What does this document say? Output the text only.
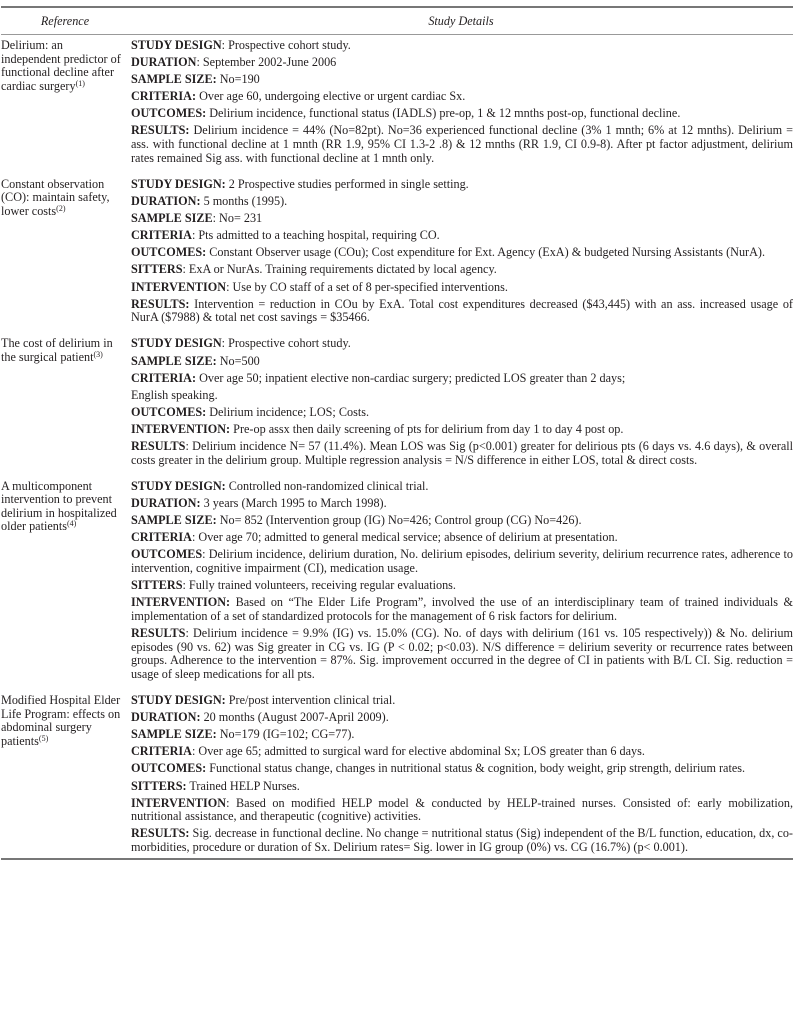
Reference	Study Details
Delirium: an independent predictor of functional decline after cardiac surgery$^{(1)}$
STUDY DESIGN: Prospective cohort study.
DURATION: September 2002-June 2006
SAMPLE SIZE: No=190
CRITERIA: Over age 60, undergoing elective or urgent cardiac Sx.
OUTCOMES: Delirium incidence, functional status (IADLS) pre-op, 1 & 12 mnths post-op, functional decline.
RESULTS: Delirium incidence = 44% (No=82pt). No=36 experienced functional decline (3% 1 mnth; 6% at 12 mnths). Delirium = ass. with functional decline at 1 mnth (RR 1.9, 95% CI 1.3-2 .8) & 12 mnths (RR 1.9, CI 0.9-8). After pt factor adjustment, delirium rates remained Sig ass. with functional decline at 1 mnth only.
Constant observation (CO): maintain safety, lower costs$^{(2)}$
STUDY DESIGN: 2 Prospective studies performed in single setting.
DURATION: 5 months (1995).
SAMPLE SIZE: No= 231
CRITERIA: Pts admitted to a teaching hospital, requiring CO.
OUTCOMES: Constant Observer usage (COu); Cost expenditure for Ext. Agency (ExA) & budgeted Nursing Assistants (NurA).
SITTERS: ExA or NurAs. Training requirements dictated by local agency.
INTERVENTION: Use by CO staff of a set of 8 per-specified interventions.
RESULTS: Intervention = reduction in COu by ExA. Total cost expenditures decreased ($43,445) with an ass. increased usage of NurA ($7988) & total net cost savings = $35466.
The cost of delirium in the surgical patient$^{(3)}$
STUDY DESIGN: Prospective cohort study.
SAMPLE SIZE: No=500
CRITERIA: Over age 50; inpatient elective non-cardiac surgery; predicted LOS greater than 2 days;
English speaking.
OUTCOMES: Delirium incidence; LOS; Costs.
INTERVENTION: Pre-op assx then daily screening of pts for delirium from day 1 to day 4 post op.
RESULTS: Delirium incidence N= 57 (11.4%). Mean LOS was Sig (p<0.001) greater for delirious pts (6 days vs. 4.6 days), & overall costs greater in the delirium group. Multiple regression analysis = N/S difference in either LOS, total & direct costs.
A multicomponent intervention to prevent delirium in hospitalized older patients$^{(4)}$
STUDY DESIGN: Controlled non-randomized clinical trial.
DURATION: 3 years (March 1995 to March 1998).
SAMPLE SIZE: No= 852 (Intervention group (IG) No=426; Control group (CG) No=426).
CRITERIA: Over age 70; admitted to general medical service; absence of delirium at presentation.
OUTCOMES: Delirium incidence, delirium duration, No. delirium episodes, delirium severity, delirium recurrence rates, adherence to intervention, cognitive impairment (CI), medication usage.
SITTERS: Fully trained volunteers, receiving regular evaluations.
INTERVENTION: Based on “The Elder Life Program”, involved the use of an interdisciplinary team of trained individuals & implementation of a set of standardized protocols for the management of 6 risk factors for delirium.
RESULTS: Delirium incidence = 9.9% (IG) vs. 15.0% (CG). No. of days with delirium (161 vs. 105 respectively)) & No. delirium episodes (90 vs. 62) was Sig greater in CG vs. IG (P < 0.02; p<0.03). N/S difference = delirium severity or recurrence rates between groups. Adherence to the intervention = 87%. Sig. improvement occurred in the degree of CI in patients with B/L CI. Sig. reduction = usage of sleep medications for all pts.
Modified Hospital Elder Life Program: effects on abdominal surgery patients$^{(5)}$
STUDY DESIGN: Pre/post intervention clinical trial.
DURATION: 20 months (August 2007-April 2009).
SAMPLE SIZE: No=179 (IG=102; CG=77).
CRITERIA: Over age 65; admitted to surgical ward for elective abdominal Sx; LOS greater than 6 days.
OUTCOMES: Functional status change, changes in nutritional status & cognition, body weight, grip strength, delirium rates.
SITTERS: Trained HELP Nurses.
INTERVENTION: Based on modified HELP model & conducted by HELP-trained nurses. Consisted of: early mobilization, nutritional assistance, and therapeutic (cognitive) activities.
RESULTS: Sig. decrease in functional decline. No change = nutritional status (Sig) independent of the B/L function, education, dx, co-morbidities, procedure or duration of Sx. Delirium rates= Sig. lower in IG group (0%) vs. CG (16.7%) (p< 0.001).
